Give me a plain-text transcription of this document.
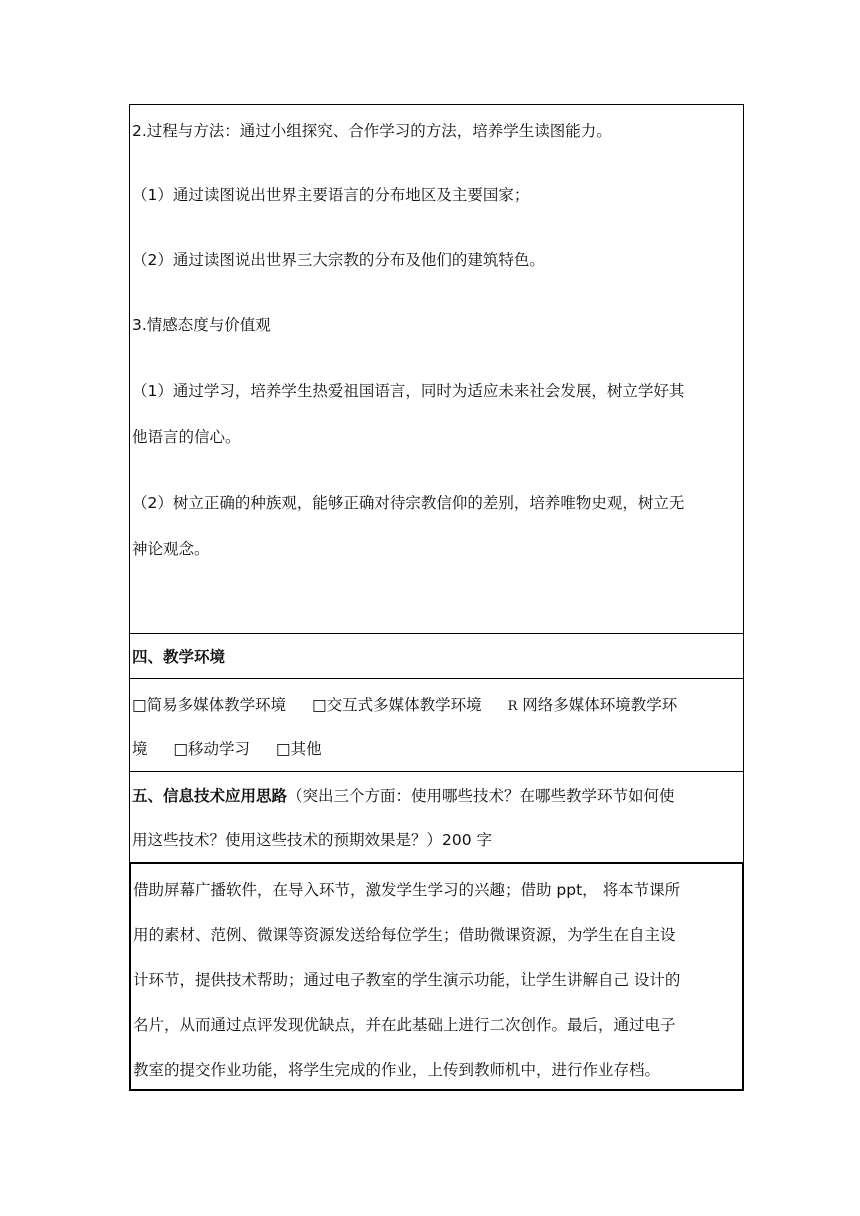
2.过程与方法：通过小组探究、合作学习的方法，培养学生读图能力。
（1）通过读图说出世界主要语言的分布地区及主要国家；
（2）通过读图说出世界三大宗教的分布及他们的建筑特色。
3.情感态度与价值观
（1）通过学习，培养学生热爱祖国语言，同时为适应未来社会发展，树立学好其
他语言的信心。
（2）树立正确的种族观，能够正确对待宗教信仰的差别，培养唯物史观，树立无
神论观念。
四、教学环境
□简易多媒体教学环境 □交互式多媒体教学环境 R 网络多媒体环境教学环
境 □移动学习 □其他
五、信息技术应用思路（突出三个方面：使用哪些技术？在哪些教学环节如何使
用这些技术？使用这些技术的预期效果是？）200 字
借助屏幕广播软件，在导入环节，激发学生学习的兴趣；借助 ppt， 将本节课所
用的素材、范例、微课等资源发送给每位学生；借助微课资源，为学生在自主设
计环节，提供技术帮助；通过电子教室的学生演示功能，让学生讲解自己 设计的
名片，从而通过点评发现优缺点，并在此基础上进行二次创作。最后，通过电子
教室的提交作业功能，将学生完成的作业，上传到教师机中，进行作业存档。
